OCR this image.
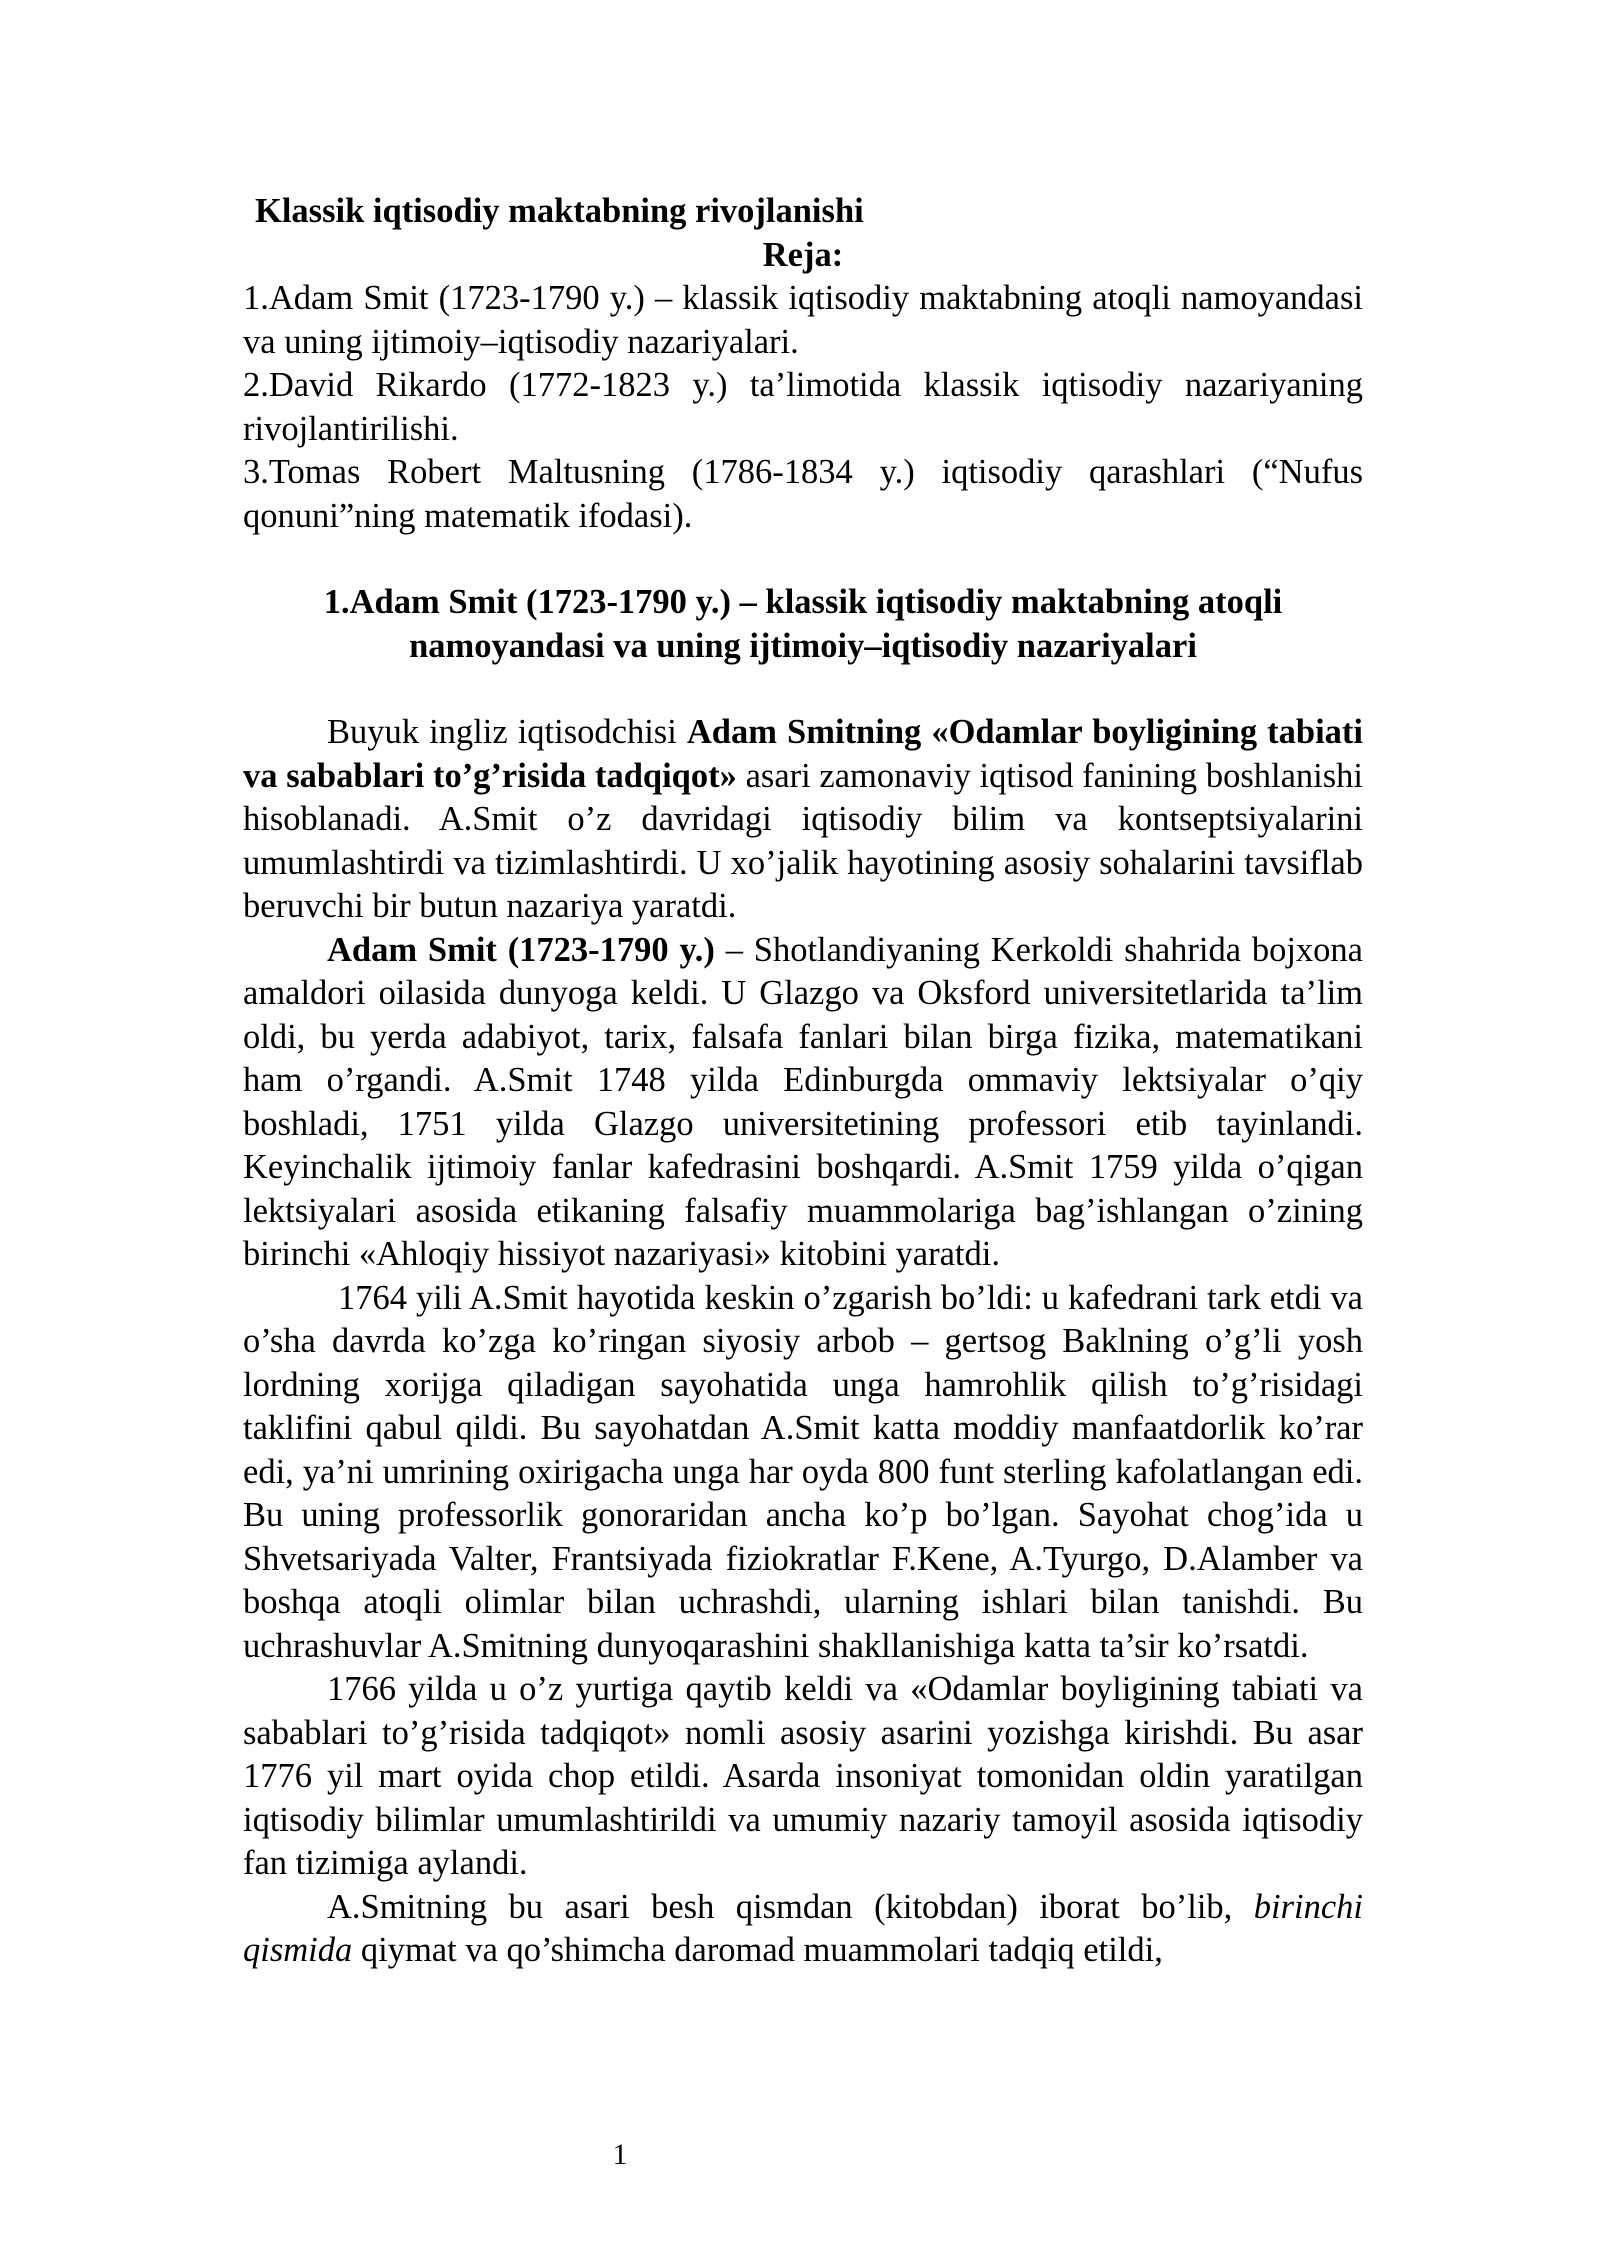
Klassik iqtisodiy maktabning rivojlanishi

Reja:

1.Adam Smit (1723-1790 y.) – klassik iqtisodiy maktabning atoqli namoyandasi va uning ijtimoiy–iqtisodiy nazariyalari.

2.David Rikardo (1772-1823 y.) ta’limotida klassik iqtisodiy nazariyaning rivojlantirilishi.

3.Tomas Robert Maltusning (1786-1834 y.) iqtisodiy qarashlari (“Nufus qonuni”ning matematik ifodasi).

1.Adam Smit (1723-1790 y.) – klassik iqtisodiy maktabning atoqli namoyandasi va uning ijtimoiy–iqtisodiy nazariyalari

Buyuk ingliz iqtisodchisi Adam Smitning «Odamlar boyligining tabiati va sabablari to’g’risida tadqiqot» asari zamonaviy iqtisod fanining boshlanishi hisoblanadi. A.Smit o’z davridagi iqtisodiy bilim va kontseptsiyalarini umumlashtirdi va tizimlashtirdi. U xo’jalik hayotining asosiy sohalarini tavsiflab beruvchi bir butun nazariya yaratdi.

Adam Smit (1723-1790 y.) – Shotlandiyaning Kerkoldi shahrida bojxona amaldori oilasida dunyoga keldi. U Glazgo va Oksford universitetlarida ta’lim oldi, bu yerda adabiyot, tarix, falsafa fanlari bilan birga fizika, matematikani ham o’rgandi. A.Smit 1748 yilda Edinburgda ommaviy lektsiyalar o’qiy boshladi, 1751 yilda Glazgo universitetining professori etib tayinlandi. Keyinchalik ijtimoiy fanlar kafedrasini boshqardi. A.Smit 1759 yilda o’qigan lektsiyalari asosida etikaning falsafiy muammolariga bag’ishlangan o’zining birinchi «Ahloqiy hissiyot nazariyasi» kitobini yaratdi.

1764 yili A.Smit hayotida keskin o’zgarish bo’ldi: u kafedrani tark etdi va o’sha davrda ko’zga ko’ringan siyosiy arbob – gertsog Baklning o’g’li yosh lordning xorijga qiladigan sayohatida unga hamrohlik qilish to’g’risidagi taklifini qabul qildi. Bu sayohatdan A.Smit katta moddiy manfaatdorlik ko’rar edi, ya’ni umrining oxirigacha unga har oyda 800 funt sterling kafolatlangan edi. Bu uning professorlik gonoraridan ancha ko’p bo’lgan. Sayohat chog’ida u Shvetsariyada Valter, Frantsiyada fiziokratlar F.Kene, A.Tyurgo, D.Alamber va boshqa atoqli olimlar bilan uchrashdi, ularning ishlari bilan tanishdi. Bu uchrashuvlar A.Smitning dunyoqarashini shakllanishiga katta ta’sir ko’rsatdi.

1766 yilda u o’z yurtiga qaytib keldi va «Odamlar boyligining tabiati va sabablari to’g’risida tadqiqot» nomli asosiy asarini yozishga kirishdi. Bu asar 1776 yil mart oyida chop etildi. Asarda insoniyat tomonidan oldin yaratilgan iqtisodiy bilimlar umumlashtirildi va umumiy nazariy tamoyil asosida iqtisodiy fan tizimiga aylandi.

A.Smitning bu asari besh qismdan (kitobdan) iborat bo’lib, birinchi qismida qiymat va qo’shimcha daromad muammolari tadqiq etildi,

1
